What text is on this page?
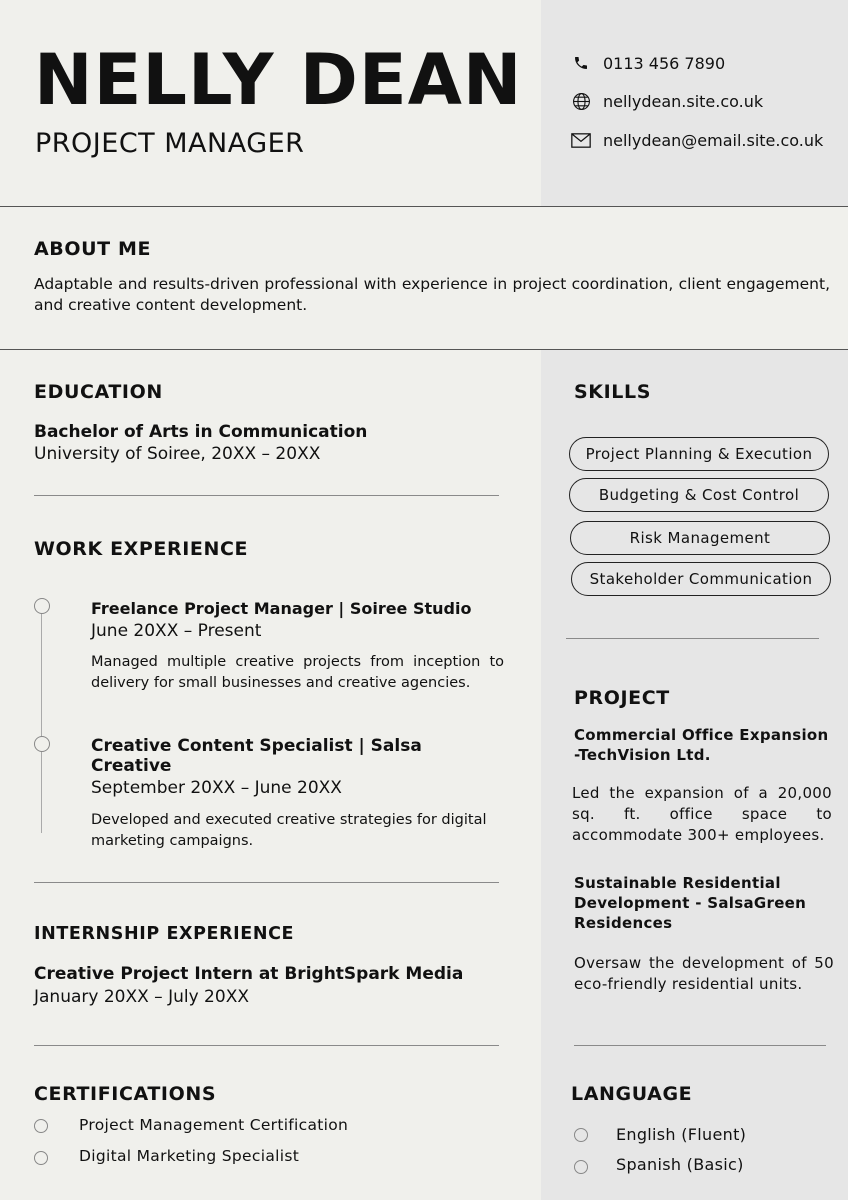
NELLY DEAN
PROJECT MANAGER
0113 456 7890
nellydean.site.co.uk
nellydean@email.site.co.uk
ABOUT ME
Adaptable and results-driven professional with experience in project coordination, client engagement, and creative content development.
EDUCATION
Bachelor of Arts in Communication
University of Soiree, 20XX – 20XX
WORK EXPERIENCE
Freelance Project Manager | Soiree Studio
June 20XX – Present
Managed multiple creative projects from inception to delivery for small businesses and creative agencies.
Creative Content Specialist | Salsa Creative
September 20XX – June 20XX
Developed and executed creative strategies for digital marketing campaigns.
INTERNSHIP EXPERIENCE
Creative Project Intern at BrightSpark Media
January 20XX – July 20XX
CERTIFICATIONS
Project Management Certification
Digital Marketing Specialist
SKILLS
Project Planning & Execution
Budgeting & Cost Control
Risk Management
Stakeholder Communication
PROJECT
Commercial Office Expansion
-TechVision Ltd.
Led the expansion of a 20,000 sq. ft. office space to accommodate 300+ employees.
Sustainable Residential
Development - SalsaGreen
Residences
Oversaw the development of 50 eco-friendly residential units.
LANGUAGE
English (Fluent)
Spanish (Basic)
